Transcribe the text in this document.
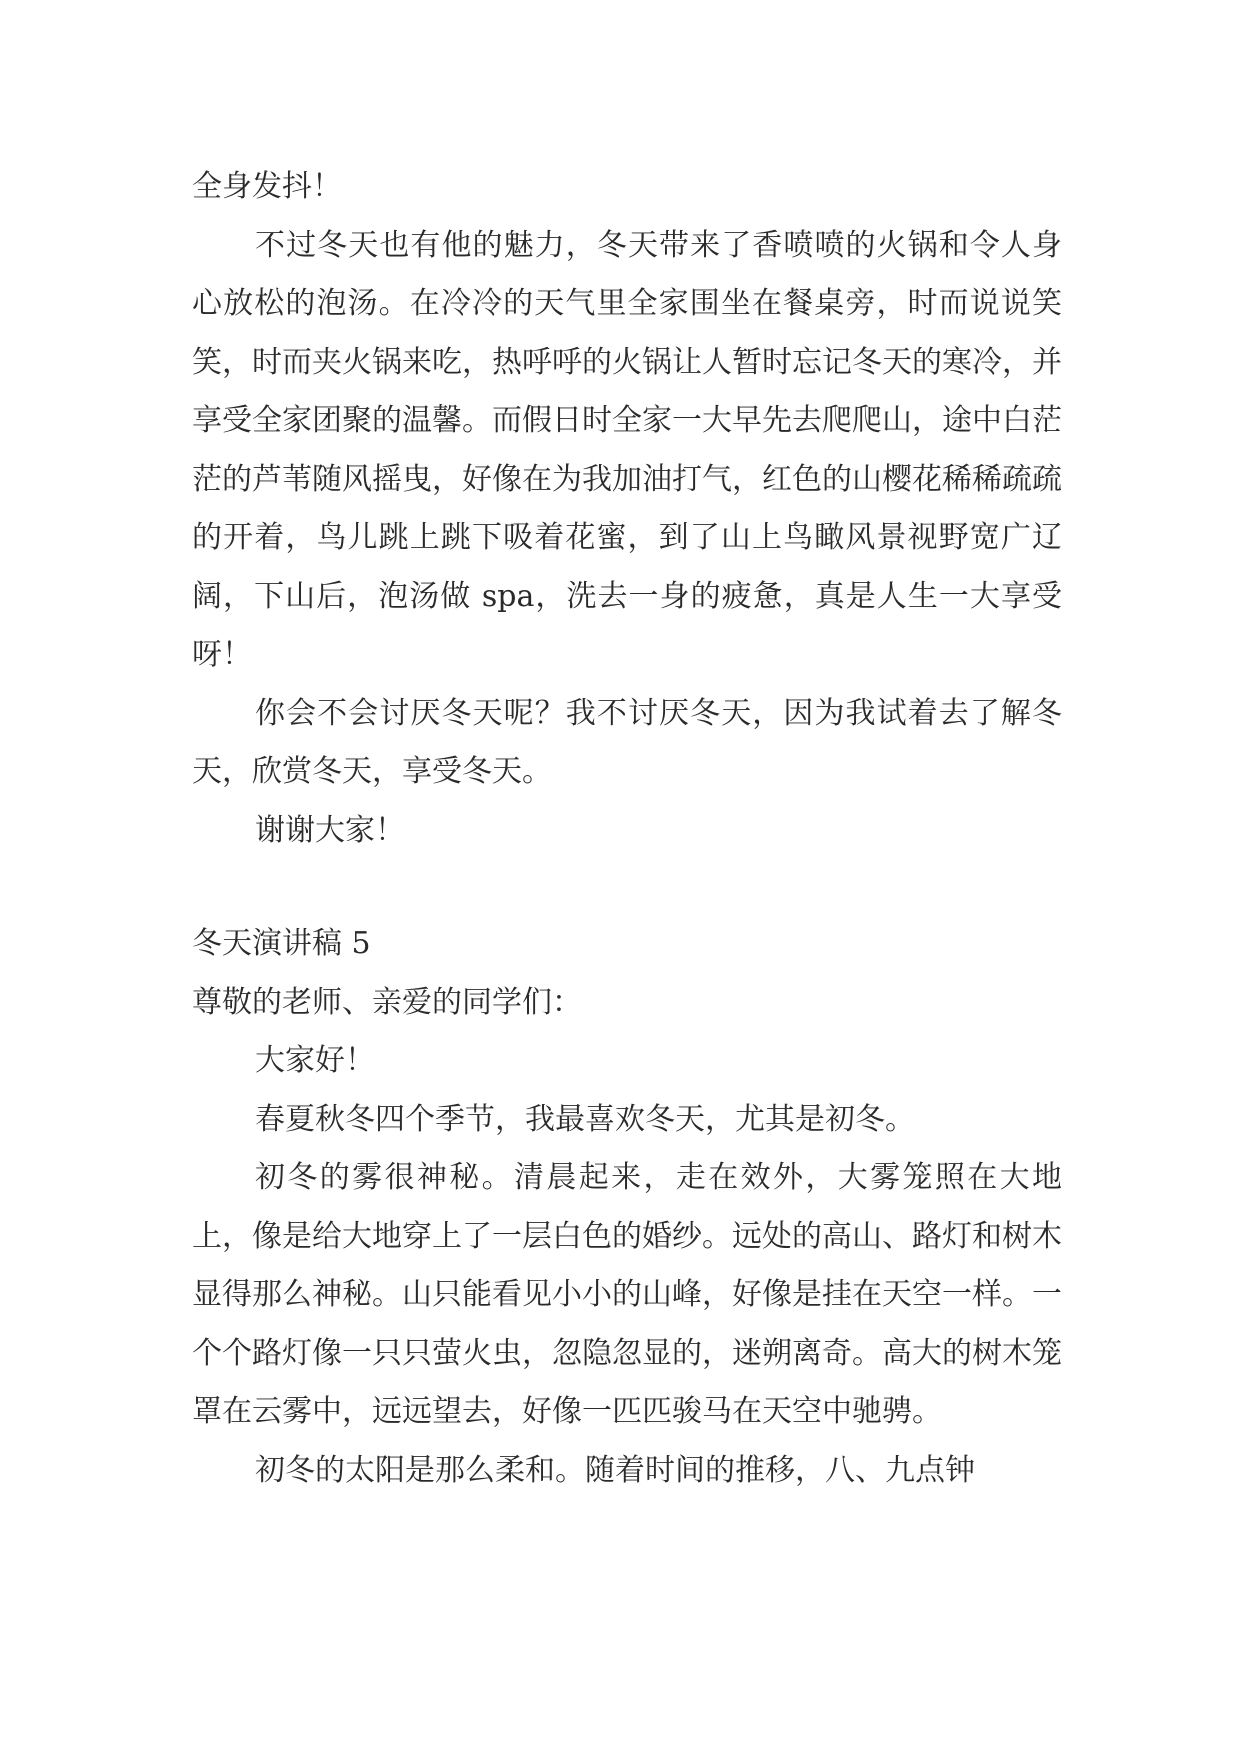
全身发抖！

不过冬天也有他的魅力，冬天带来了香喷喷的火锅和令人身心放松的泡汤。在冷冷的天气里全家围坐在餐桌旁，时而说说笑笑，时而夹火锅来吃，热呼呼的火锅让人暂时忘记冬天的寒冷，并享受全家团聚的温馨。而假日时全家一大早先去爬爬山，途中白茫茫的芦苇随风摇曳，好像在为我加油打气，红色的山樱花稀稀疏疏的开着，鸟儿跳上跳下吸着花蜜，到了山上鸟瞰风景视野宽广辽阔，下山后，泡汤做 spa，洗去一身的疲惫，真是人生一大享受呀！

你会不会讨厌冬天呢？我不讨厌冬天，因为我试着去了解冬天，欣赏冬天，享受冬天。

谢谢大家！

冬天演讲稿 5

尊敬的老师、亲爱的同学们：

大家好！

春夏秋冬四个季节，我最喜欢冬天，尤其是初冬。

初冬的雾很神秘。清晨起来，走在效外，大雾笼照在大地上，像是给大地穿上了一层白色的婚纱。远处的高山、路灯和树木显得那么神秘。山只能看见小小的山峰，好像是挂在天空一样。一个个路灯像一只只萤火虫，忽隐忽显的，迷朔离奇。高大的树木笼罩在云雾中，远远望去，好像一匹匹骏马在天空中驰骋。

初冬的太阳是那么柔和。随着时间的推移，八、九点钟
